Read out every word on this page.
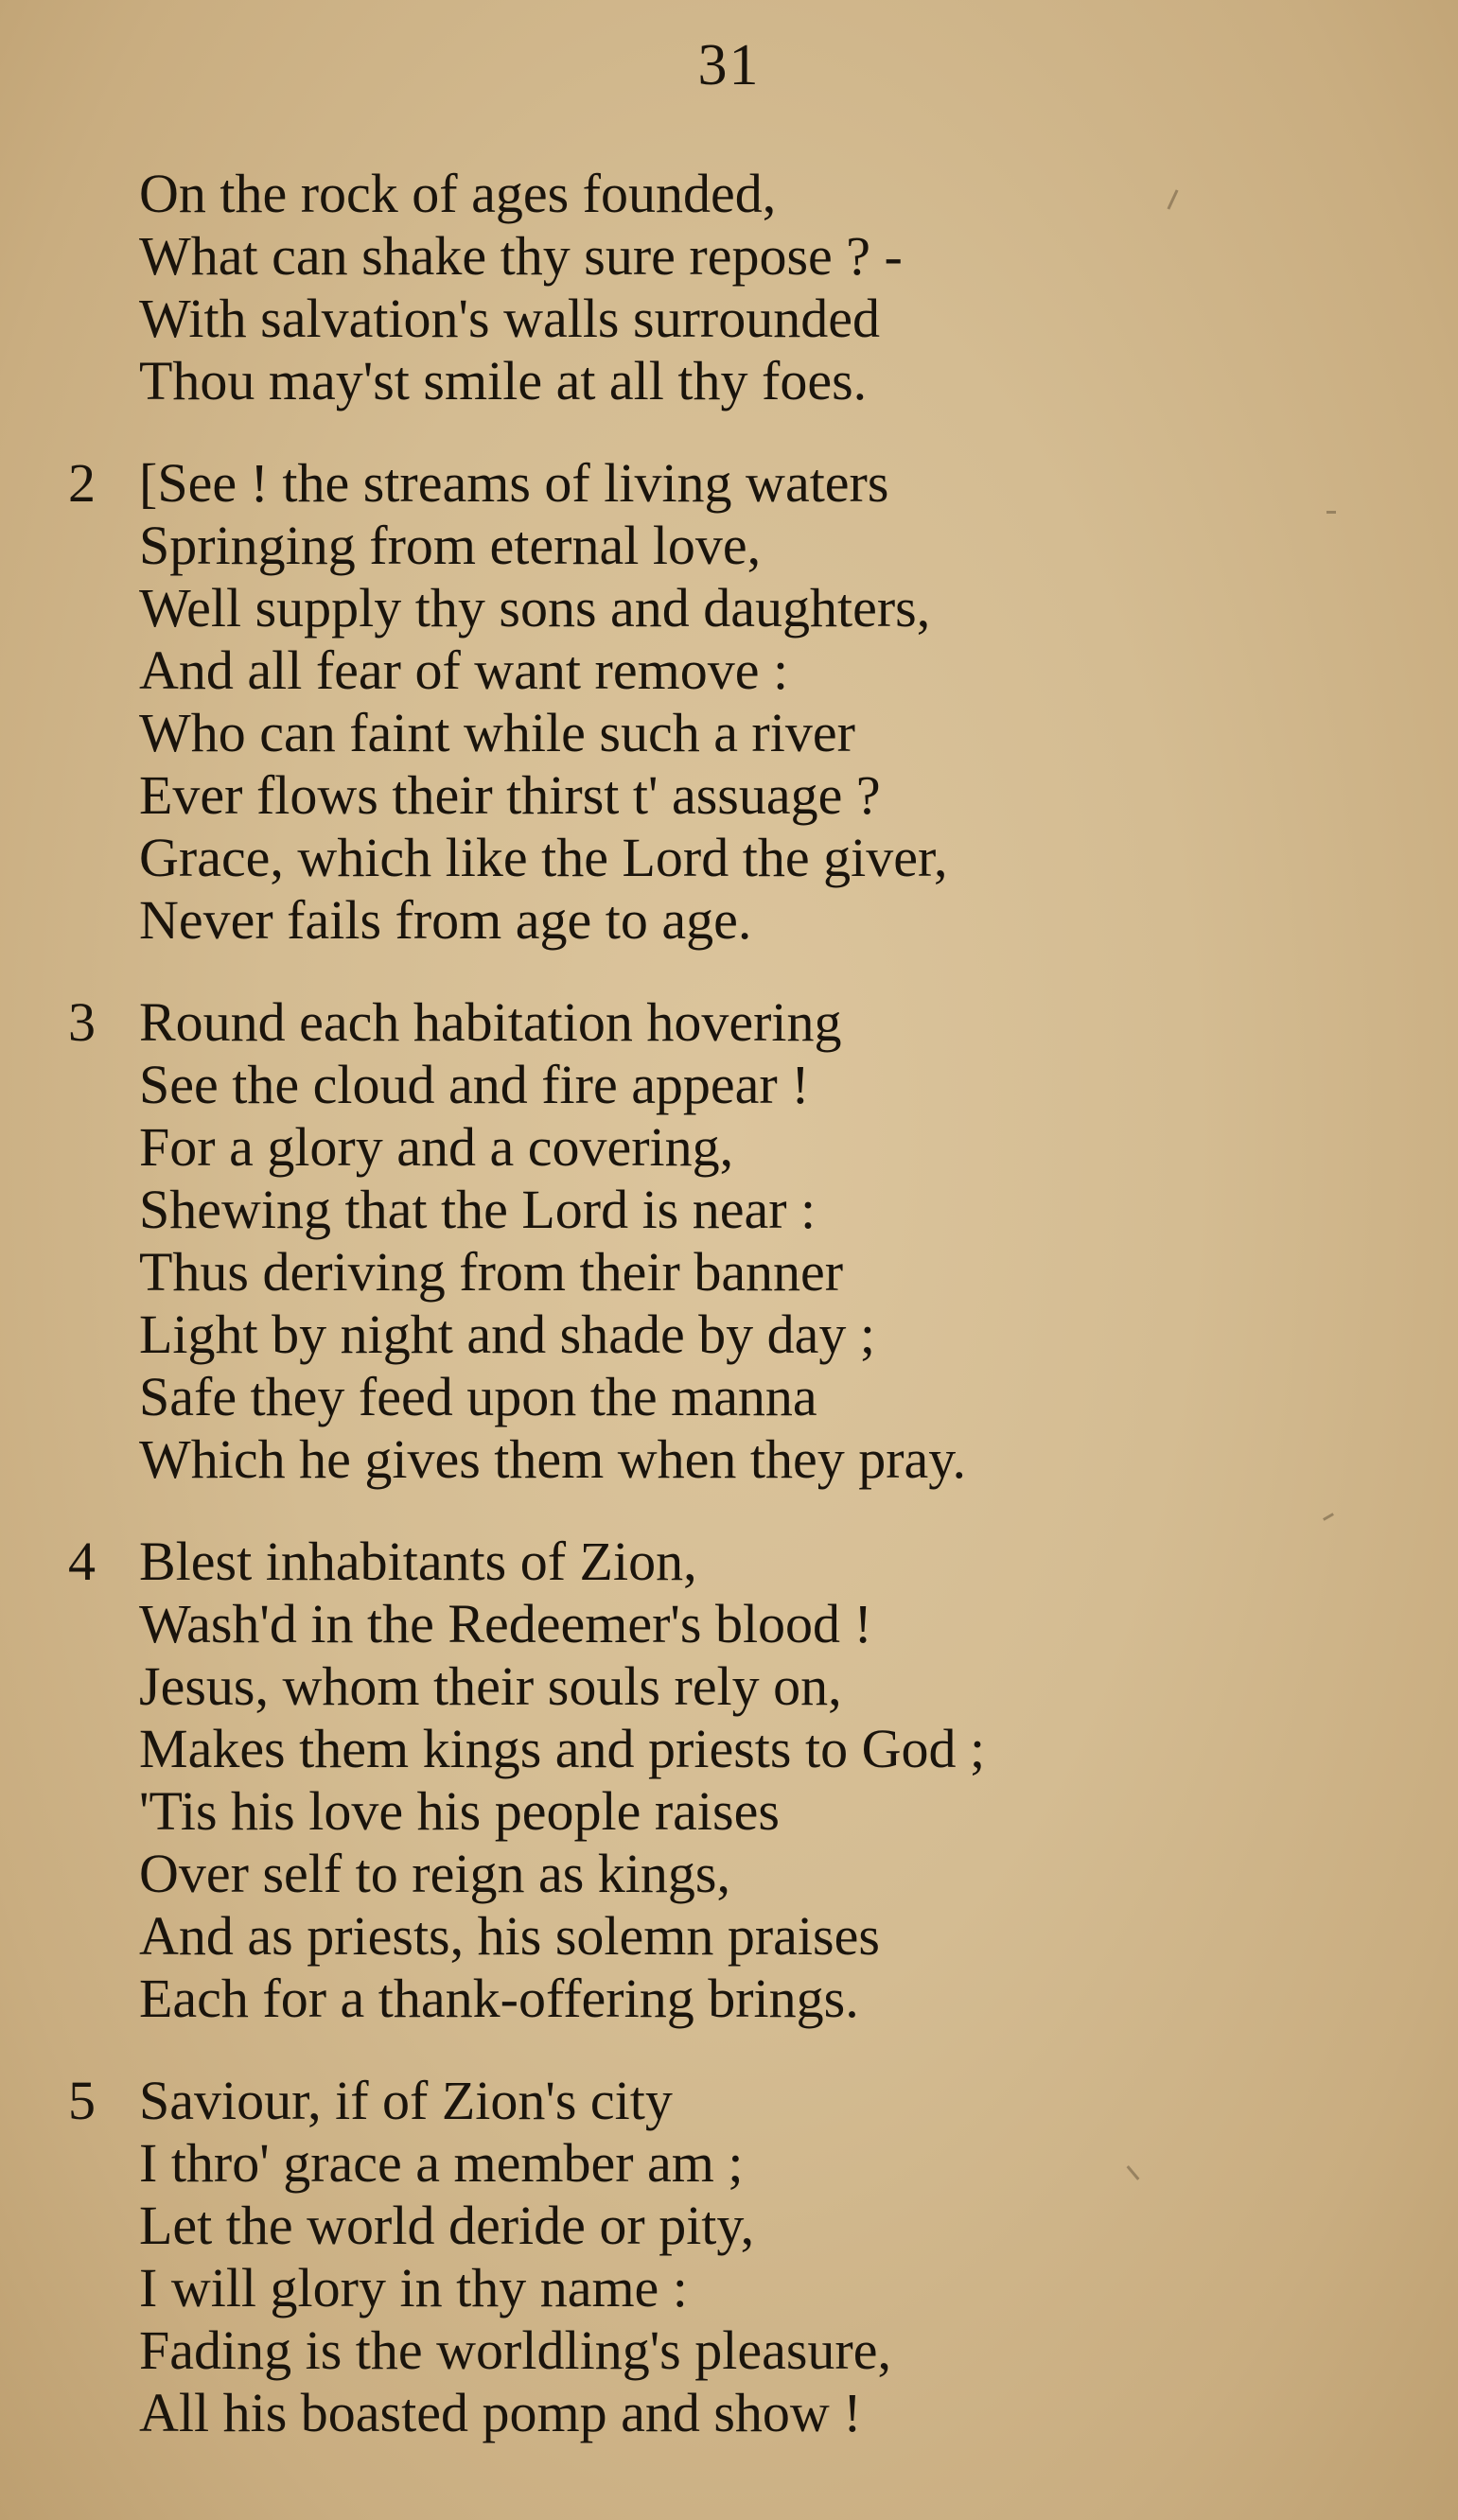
31
On the rock of ages founded,
What can shake thy sure repose ? -
With salvation's walls surrounded
Thou may'st smile at all thy foes.
2 [See ! the streams of living waters
Springing from eternal love,
Well supply thy sons and daughters,
And all fear of want remove :
Who can faint while such a river
Ever flows their thirst t' assuage ?
Grace, which like the Lord the giver,
Never fails from age to age.
3 Round each habitation hovering
See the cloud and fire appear !
For a glory and a covering,
Shewing that the Lord is near :
Thus deriving from their banner
Light by night and shade by day ;
Safe they feed upon the manna
Which he gives them when they pray.
4 Blest inhabitants of Zion,
Wash'd in the Redeemer's blood !
Jesus, whom their souls rely on,
Makes them kings and priests to God ;
'Tis his love his people raises
Over self to reign as kings,
And as priests, his solemn praises
Each for a thank-offering brings.
5 Saviour, if of Zion's city
I thro' grace a member am ;
Let the world deride or pity,
I will glory in thy name :
Fading is the worldling's pleasure,
All his boasted pomp and show !
